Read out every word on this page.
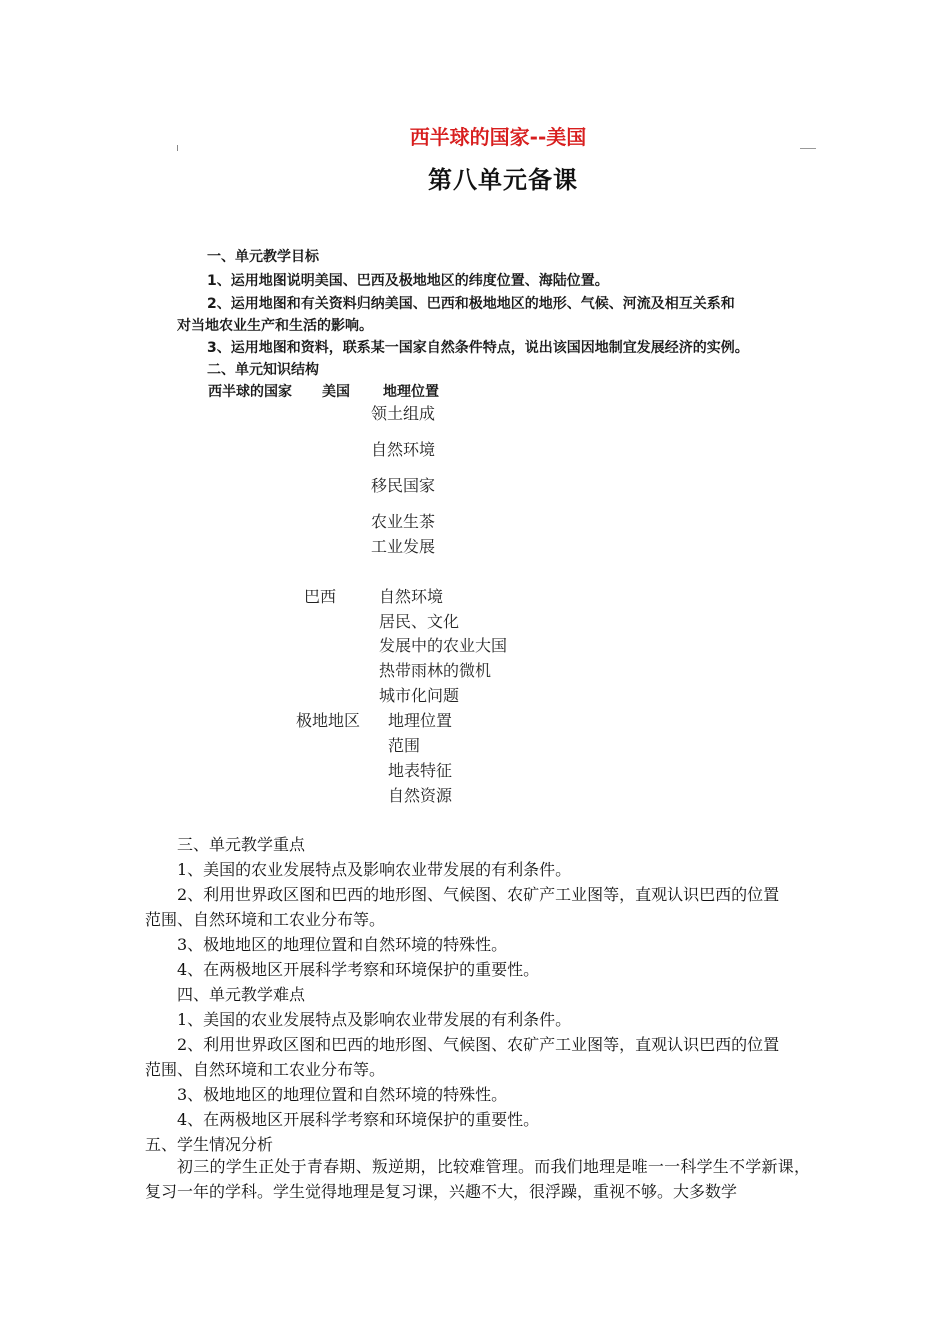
西半球的国家--美国
第八单元备课
一、单元教学目标
1、运用地图说明美国、巴西及极地地区的纬度位置、海陆位置。
2、运用地图和有关资料归纳美国、巴西和极地地区的地形、气候、河流及相互关系和
对当地农业生产和生活的影响。
3、运用地图和资料，联系某一国家自然条件特点，说出该国因地制宜发展经济的实例。
二、单元知识结构
西半球的国家 美国 地理位置
领土组成
自然环境
移民国家
农业生茶
工业发展
巴西	自然环境
居民、文化
发展中的农业大国
热带雨林的微机
城市化问题
极地地区 地理位置
范围
地表特征
自然资源
三、单元教学重点
1、美国的农业发展特点及影响农业带发展的有利条件。
2、利用世界政区图和巴西的地形图、气候图、农矿产工业图等，直观认识巴西的位置
范围、自然环境和工农业分布等。
3、极地地区的地理位置和自然环境的特殊性。
4、在两极地区开展科学考察和环境保护的重要性。
四、单元教学难点
1、美国的农业发展特点及影响农业带发展的有利条件。
2、利用世界政区图和巴西的地形图、气候图、农矿产工业图等，直观认识巴西的位置
范围、自然环境和工农业分布等。
3、极地地区的地理位置和自然环境的特殊性。
4、在两极地区开展科学考察和环境保护的重要性。
五、学生情况分析
初三的学生正处于青春期、叛逆期，比较难管理。而我们地理是唯一一科学生不学新课，复习一年的学科。学生觉得地理是复习课，兴趣不大，很浮躁，重视不够。大多数学
